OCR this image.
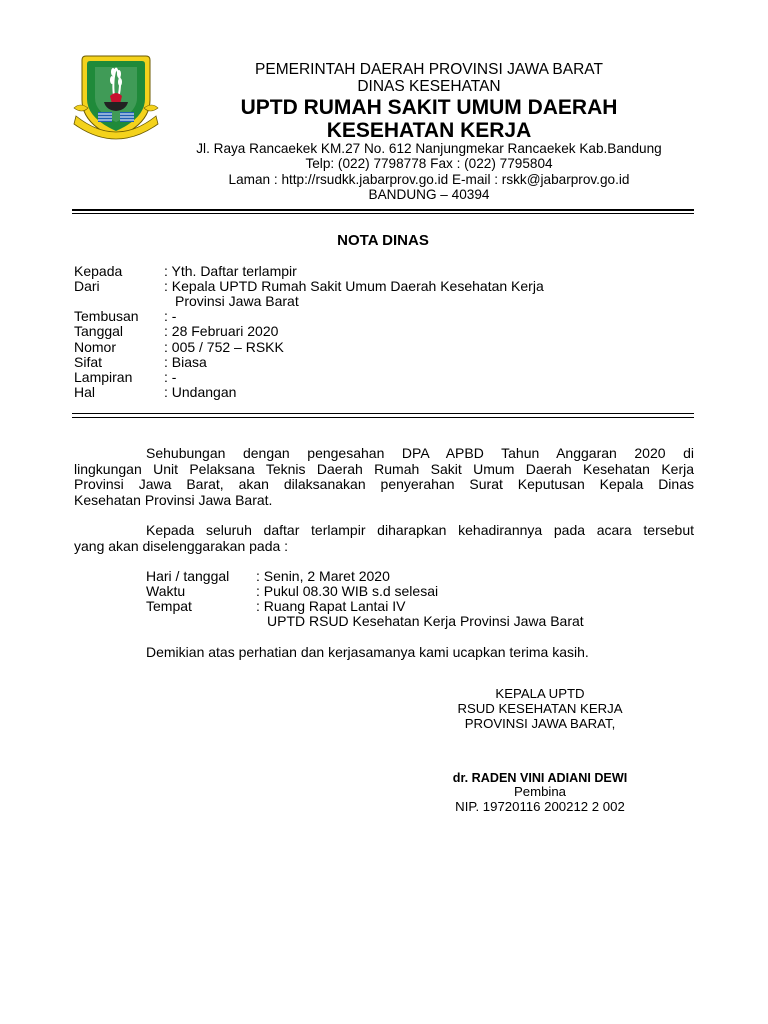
PEMERINTAH DAERAH PROVINSI JAWA BARAT
DINAS KESEHATAN
UPTD RUMAH SAKIT UMUM DAERAH
KESEHATAN KERJA
Jl. Raya Rancaekek KM.27 No. 612 Nanjungmekar Rancaekek Kab.Bandung
Telp: (022) 7798778 Fax : (022) 7795804
Laman : http://rsudkk.jabarprov.go.id E-mail : rskk@jabarprov.go.id
BANDUNG – 40394
NOTA DINAS
Kepada	: Yth. Daftar terlampir
Dari	: Kepala UPTD Rumah Sakit Umum Daerah Kesehatan Kerja
Provinsi Jawa Barat
Tembusan : -
Tanggal	: 28 Februari 2020
Nomor	: 005 / 752 – RSKK
Sifat	: Biasa
Lampiran : -
Hal	: Undangan
Sehubungan dengan pengesahan DPA APBD Tahun Anggaran 2020 di
lingkungan Unit Pelaksana Teknis Daerah Rumah Sakit Umum Daerah Kesehatan Kerja
Provinsi Jawa Barat, akan dilaksanakan penyerahan Surat Keputusan Kepala Dinas
Kesehatan Provinsi Jawa Barat.
Kepada seluruh daftar terlampir diharapkan kehadirannya pada acara tersebut
yang akan diselenggarakan pada :
Hari / tanggal : Senin, 2 Maret 2020
Waktu	: Pukul 08.30 WIB s.d selesai
Tempat	: Ruang Rapat Lantai IV
UPTD RSUD Kesehatan Kerja Provinsi Jawa Barat
Demikian atas perhatian dan kerjasamanya kami ucapkan terima kasih.
KEPALA UPTD
RSUD KESEHATAN KERJA
PROVINSI JAWA BARAT,
dr. RADEN VINI ADIANI DEWI
Pembina
NIP. 19720116 200212 2 002
